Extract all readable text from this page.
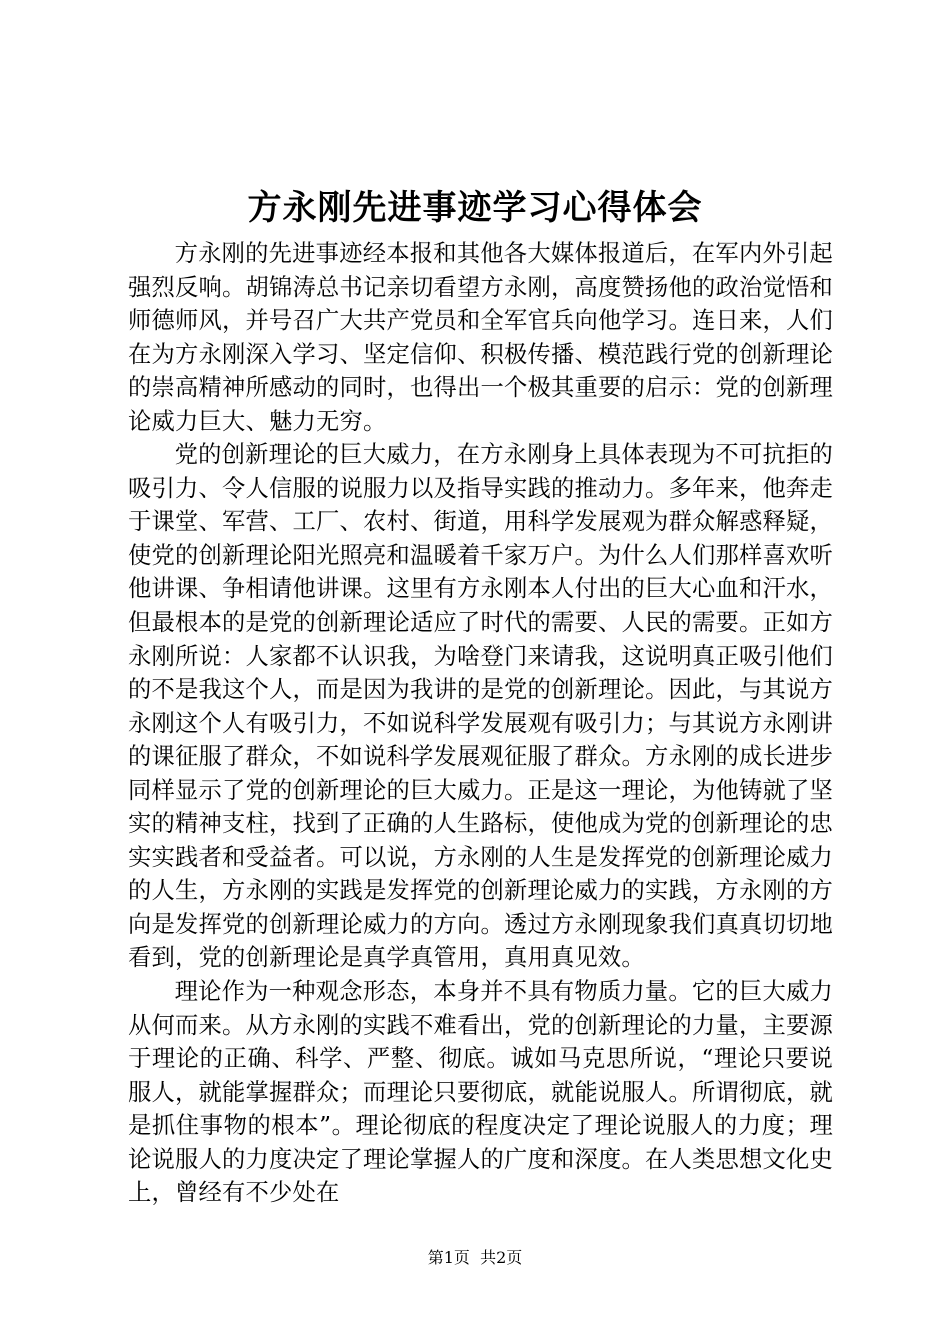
方永刚先进事迹学习心得体会

方永刚的先进事迹经本报和其他各大媒体报道后，在军内外引起强烈反响。胡锦涛总书记亲切看望方永刚，高度赞扬他的政治觉悟和师德师风，并号召广大共产党员和全军官兵向他学习。连日来，人们在为方永刚深入学习、坚定信仰、积极传播、模范践行党的创新理论的崇高精神所感动的同时，也得出一个极其重要的启示：党的创新理论威力巨大、魅力无穷。

党的创新理论的巨大威力，在方永刚身上具体表现为不可抗拒的吸引力、令人信服的说服力以及指导实践的推动力。多年来，他奔走于课堂、军营、工厂、农村、街道，用科学发展观为群众解惑释疑，使党的创新理论阳光照亮和温暖着千家万户。为什么人们那样喜欢听他讲课、争相请他讲课。这里有方永刚本人付出的巨大心血和汗水，但最根本的是党的创新理论适应了时代的需要、人民的需要。正如方永刚所说：人家都不认识我，为啥登门来请我，这说明真正吸引他们的不是我这个人，而是因为我讲的是党的创新理论。因此，与其说方永刚这个人有吸引力，不如说科学发展观有吸引力；与其说方永刚讲的课征服了群众，不如说科学发展观征服了群众。方永刚的成长进步同样显示了党的创新理论的巨大威力。正是这一理论，为他铸就了坚实的精神支柱，找到了正确的人生路标，使他成为党的创新理论的忠实实践者和受益者。可以说，方永刚的人生是发挥党的创新理论威力的人生，方永刚的实践是发挥党的创新理论威力的实践，方永刚的方向是发挥党的创新理论威力的方向。透过方永刚现象我们真真切切地看到，党的创新理论是真学真管用，真用真见效。

理论作为一种观念形态，本身并不具有物质力量。它的巨大威力从何而来。从方永刚的实践不难看出，党的创新理论的力量，主要源于理论的正确、科学、严整、彻底。诚如马克思所说，“理论只要说服人，就能掌握群众；而理论只要彻底，就能说服人。所谓彻底，就是抓住事物的根本”。理论彻底的程度决定了理论说服人的力度；理论说服人的力度决定了理论掌握人的广度和深度。在人类思想文化史上，曾经有不少处在

第1页 共2页
